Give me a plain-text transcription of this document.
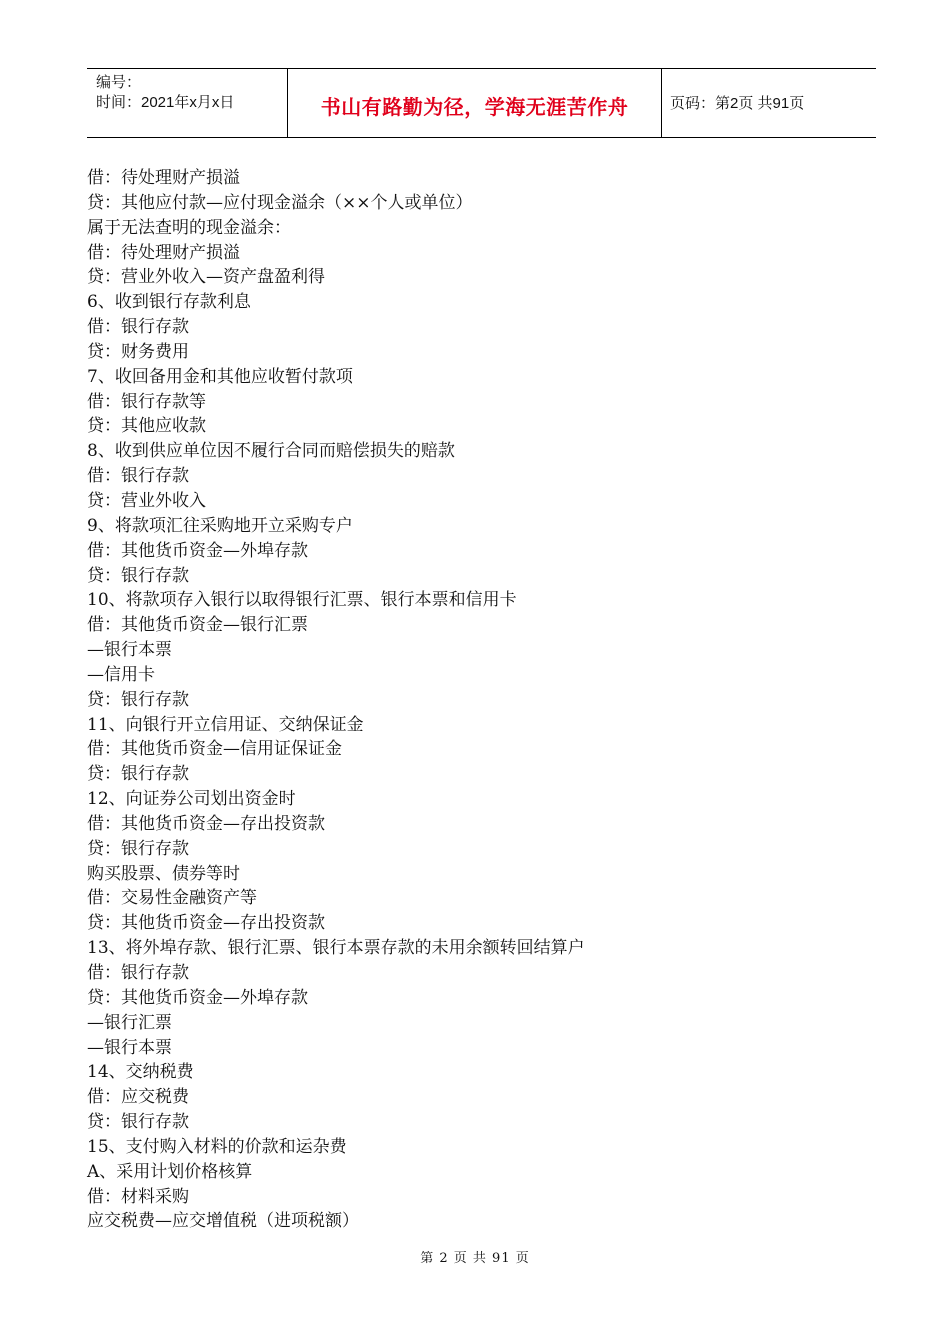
编号：
时间：2021年x月x日	书山有路勤为径，学海无涯苦作舟	页码：第2页 共91页
借：待处理财产损溢
贷：其他应付款—应付现金溢余（××个人或单位）
属于无法查明的现金溢余：
借：待处理财产损溢
贷：营业外收入—资产盘盈利得
6、收到银行存款利息
借：银行存款
贷：财务费用
7、收回备用金和其他应收暂付款项
借：银行存款等
贷：其他应收款
8、收到供应单位因不履行合同而赔偿损失的赔款
借：银行存款
贷：营业外收入
9、将款项汇往采购地开立采购专户
借：其他货币资金—外埠存款
贷：银行存款
10、将款项存入银行以取得银行汇票、银行本票和信用卡
借：其他货币资金—银行汇票
—银行本票
—信用卡
贷：银行存款
11、向银行开立信用证、交纳保证金
借：其他货币资金—信用证保证金
贷：银行存款
12、向证券公司划出资金时
借：其他货币资金—存出投资款
贷：银行存款
购买股票、债券等时
借：交易性金融资产等
贷：其他货币资金—存出投资款
13、将外埠存款、银行汇票、银行本票存款的未用余额转回结算户
借：银行存款
贷：其他货币资金—外埠存款
—银行汇票
—银行本票
14、交纳税费
借：应交税费
贷：银行存款
15、支付购入材料的价款和运杂费
A、采用计划价格核算
借：材料采购
应交税费—应交增值税（进项税额）
第 2 页 共 91 页
